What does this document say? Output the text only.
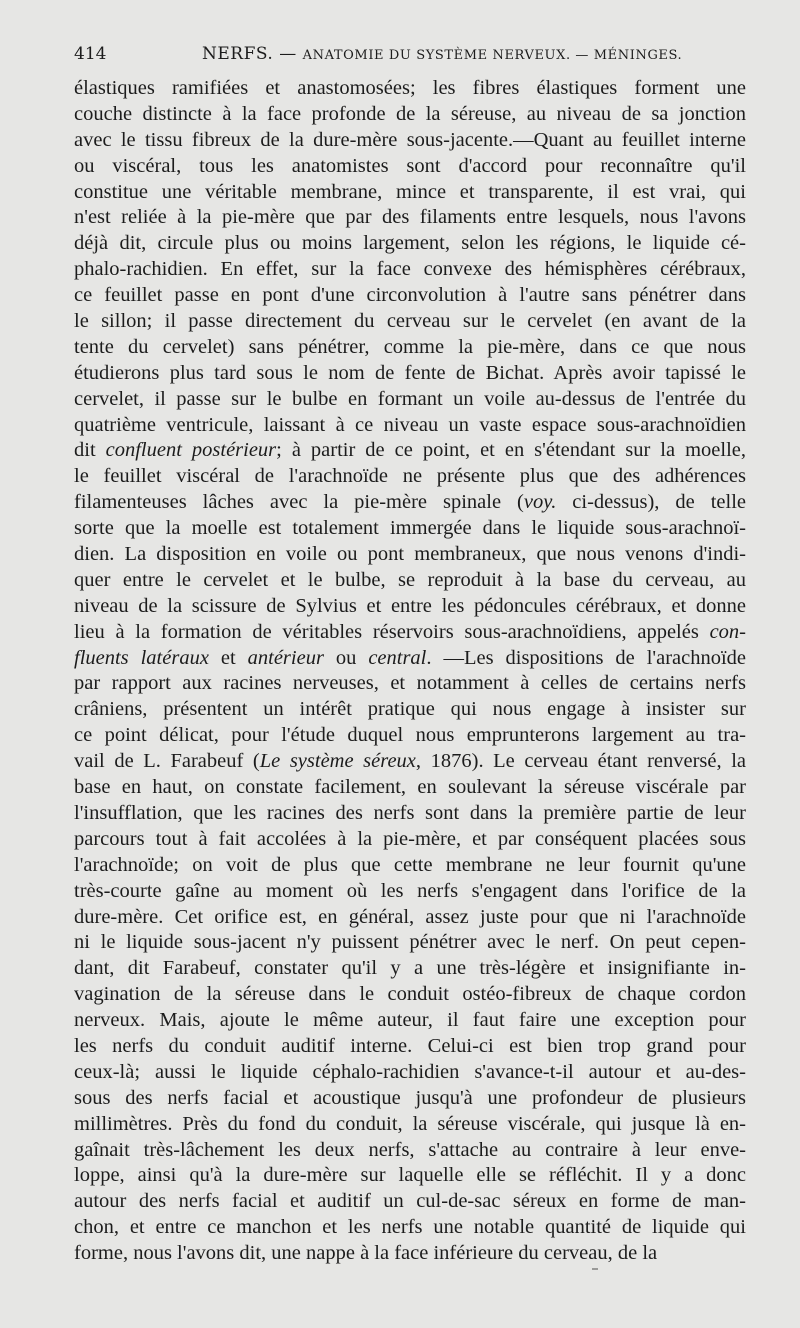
414	NERFS. — ANATOMIE DU SYSTÈME NERVEUX. — MÉNINGES.
élastiques ramifiées et anastomosées; les fibres élastiques forment une
couche distincte à la face profonde de la séreuse, au niveau de sa jonction
avec le tissu fibreux de la dure-mère sous-jacente.—Quant au feuillet interne
ou viscéral, tous les anatomistes sont d'accord pour reconnaître qu'il
constitue une véritable membrane, mince et transparente, il est vrai, qui
n'est reliée à la pie-mère que par des filaments entre lesquels, nous l'avons
déjà dit, circule plus ou moins largement, selon les régions, le liquide cé-
phalo-rachidien. En effet, sur la face convexe des hémisphères cérébraux,
ce feuillet passe en pont d'une circonvolution à l'autre sans pénétrer dans
le sillon; il passe directement du cerveau sur le cervelet (en avant de la
tente du cervelet) sans pénétrer, comme la pie-mère, dans ce que nous
étudierons plus tard sous le nom de fente de Bichat. Après avoir tapissé le
cervelet, il passe sur le bulbe en formant un voile au-dessus de l'entrée du
quatrième ventricule, laissant à ce niveau un vaste espace sous-arachnoïdien
dit confluent postérieur; à partir de ce point, et en s'étendant sur la moelle,
le feuillet viscéral de l'arachnoïde ne présente plus que des adhérences
filamenteuses lâches avec la pie-mère spinale (voy. ci-dessus), de telle
sorte que la moelle est totalement immergée dans le liquide sous-arachnoï-
dien. La disposition en voile ou pont membraneux, que nous venons d'indi-
quer entre le cervelet et le bulbe, se reproduit à la base du cerveau, au
niveau de la scissure de Sylvius et entre les pédoncules cérébraux, et donne
lieu à la formation de véritables réservoirs sous-arachnoïdiens, appelés con-
fluents latéraux et antérieur ou central. —Les dispositions de l'arachnoïde
par rapport aux racines nerveuses, et notamment à celles de certains nerfs
crâniens, présentent un intérêt pratique qui nous engage à insister sur
ce point délicat, pour l'étude duquel nous emprunterons largement au tra-
vail de L. Farabeuf (Le système séreux, 1876). Le cerveau étant renversé, la
base en haut, on constate facilement, en soulevant la séreuse viscérale par
l'insufflation, que les racines des nerfs sont dans la première partie de leur
parcours tout à fait accolées à la pie-mère, et par conséquent placées sous
l'arachnoïde; on voit de plus que cette membrane ne leur fournit qu'une
très-courte gaîne au moment où les nerfs s'engagent dans l'orifice de la
dure-mère. Cet orifice est, en général, assez juste pour que ni l'arachnoïde
ni le liquide sous-jacent n'y puissent pénétrer avec le nerf. On peut cepen-
dant, dit Farabeuf, constater qu'il y a une très-légère et insignifiante in-
vagination de la séreuse dans le conduit ostéo-fibreux de chaque cordon
nerveux. Mais, ajoute le même auteur, il faut faire une exception pour
les nerfs du conduit auditif interne. Celui-ci est bien trop grand pour
ceux-là; aussi le liquide céphalo-rachidien s'avance-t-il autour et au-des-
sous des nerfs facial et acoustique jusqu'à une profondeur de plusieurs
millimètres. Près du fond du conduit, la séreuse viscérale, qui jusque là en-
gaînait très-lâchement les deux nerfs, s'attache au contraire à leur enve-
loppe, ainsi qu'à la dure-mère sur laquelle elle se réfléchit. Il y a donc
autour des nerfs facial et auditif un cul-de-sac séreux en forme de man-
chon, et entre ce manchon et les nerfs une notable quantité de liquide qui
forme, nous l'avons dit, une nappe à la face inférieure du cerveau, de la
